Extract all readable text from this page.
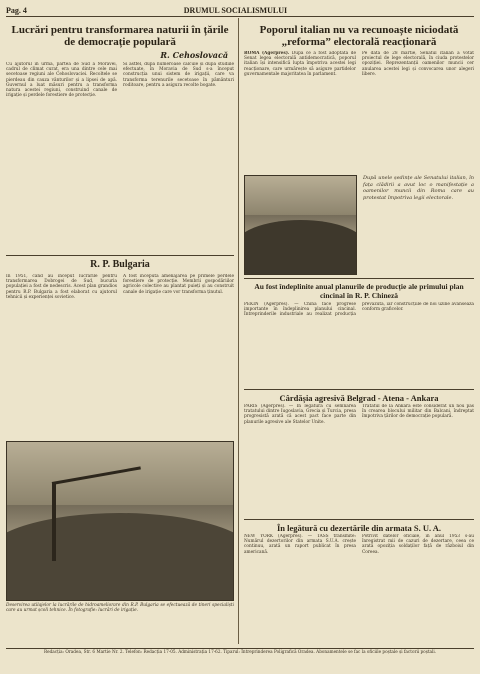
Pag. 4	DRUMUL SOCIALISMULUI
Lucrări pentru transformarea naturii în țările de democrație populară
R. Cehoslovacă
Cu ajutorul în urmă, partea de Sud a Moravei, cadrul de climat curat, era una dintre cele mai secetoase regiuni ale Cehoslovaciei. Recoltele se pierdeau din cauza vânturilor și a lipsei de apă. Guvernul a luat măsuri pentru a transforma natura acestei regiuni, construind canale de irigație și perdele forestiere de protecție.
Si astfel, după numeroase calcule și după studiile efectuate, în Moravia de Sud s-a început construcția unui sistem de irigații, care va transforma terenurile secetoase în pământuri roditoare, pentru a asigura recolte bogate.
R. P. Bulgaria
În 1951, când au început lucrările pentru transformarea Dobrogei de Sud, bucuria populației a fost de nedescris. Acest plan grandios pentru R.P. Bulgaria a fost elaborat cu ajutorul tehnicii și experienței sovietice.
A fost începută amenajarea pe primele perdele forestiere de protecție. Membrii gospodăriilor agricole colective au plantat puieți și au construit canale de irigație care vor transforma ținutul.
Deservirea utilajelor la lucrările de hidroameliorare din R.P. Bulgaria se efectuează de tineri specialiști care au urmat școli tehnice. În fotografie: lucrări de irigație.
Poporul italian nu va recunoaște niciodată „reforma” electorală reacționară
ROMA (Agerpres). După ce a fost adoptată de Senat legea electorală antidemocratică, poporul italian își intensifică lupta împotriva acestei legi reacționare, care urmărește să asigure partidelor guvernamentale majoritatea în parlament.
Pe data de 28 martie, Senatul italian a votat proiectul de lege electorală, în ciuda protestelor opoziției. Reprezentanții oamenilor muncii cer anularea acestei legi și convocarea unor alegeri libere.
După unele ședințe ale Senatului italian, în fața clădirii a avut loc o manifestație a oamenilor muncii din Roma care au protestat împotriva legii electorale.
Au fost îndeplinite anual planurile de producție ale primului plan cincinal în R. P. Chineză
PEKIN (Agerpres). — China face progrese importante în îndeplinirea planului cincinal. Întreprinderile industriale au realizat producția prevăzută, iar construcțiile de noi uzine avansează conform graficelor.
Cârdășia agresivă Belgrad - Atena - Ankara
PARIS (Agerpres). — În legătură cu semnarea tratatului dintre Iugoslavia, Grecia și Turcia, presa progresistă arată că acest pact face parte din planurile agresive ale Statelor Unite.
Tratatul de la Ankara este considerat un nou pas în crearea blocului militar din Balcani, îndreptat împotriva țărilor de democrație populară.
În legătură cu dezertările din armata S. U. A.
NEW YORK (Agerpres). — TASS transmite: Numărul dezertorilor din armata S.U.A. crește continuu, arată un raport publicat în presa americană.
Potrivit datelor oficiale, în anul 1953 s-au înregistrat mii de cazuri de dezertare, ceea ce arată opoziția soldaților față de războiul din Coreea.
Redacția: Oradea, Str. 6 Martie Nr. 2. Telefon: Redacția 17-05. Administrația 17-62. Tiparul: Întreprinderea Poligrafică Oradea. Abonamentele se fac la oficiile poștale și factorii poștali.
